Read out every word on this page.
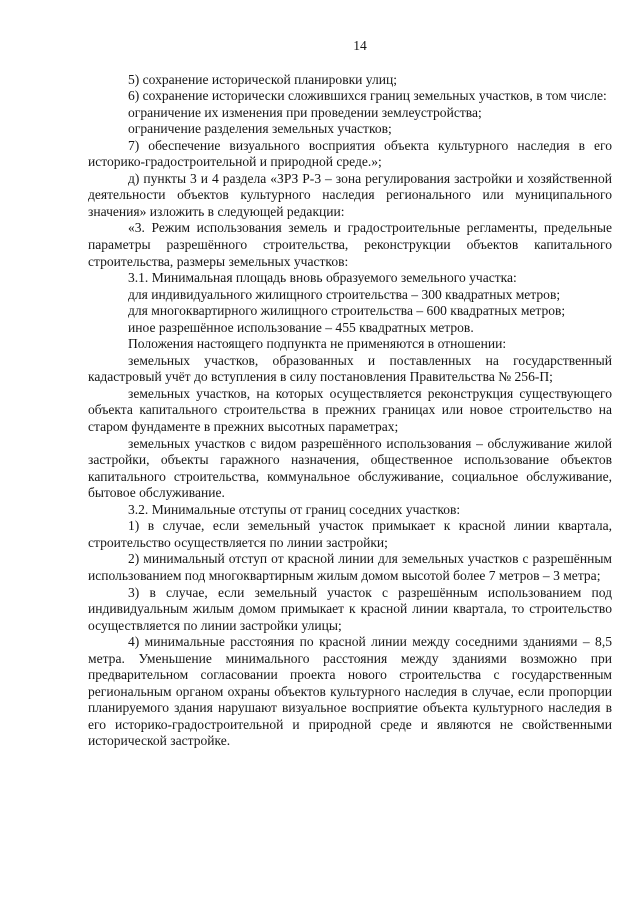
14

5) сохранение исторической планировки улиц;

6) сохранение исторически сложившихся границ земельных участков, в том числе:

ограничение их изменения при проведении землеустройства;

ограничение разделения земельных участков;

7) обеспечение визуального восприятия объекта культурного наследия в его историко-градостроительной и природной среде.»;

д) пункты 3 и 4 раздела «ЗРЗ Р-3 – зона регулирования застройки и хозяйственной деятельности объектов культурного наследия регионального или муниципального значения» изложить в следующей редакции:

«3. Режим использования земель и градостроительные регламенты, предельные параметры разрешённого строительства, реконструкции объектов капитального строительства, размеры земельных участков:

3.1. Минимальная площадь вновь образуемого земельного участка:

для индивидуального жилищного строительства – 300 квадратных метров;

для многоквартирного жилищного строительства – 600 квадратных метров;

иное разрешённое использование – 455 квадратных метров.

Положения настоящего подпункта не применяются в отношении:

земельных участков, образованных и поставленных на государственный кадастровый учёт до вступления в силу постановления Правительства № 256-П;

земельных участков, на которых осуществляется реконструкция существующего объекта капитального строительства в прежних границах или новое строительство на старом фундаменте в прежних высотных параметрах;

земельных участков с видом разрешённого использования – обслуживание жилой застройки, объекты гаражного назначения, общественное использование объектов капитального строительства, коммунальное обслуживание, социальное обслуживание, бытовое обслуживание.

3.2. Минимальные отступы от границ соседних участков:

1) в случае, если земельный участок примыкает к красной линии квартала, строительство осуществляется по линии застройки;

2) минимальный отступ от красной линии для земельных участков с разрешённым использованием под многоквартирным жилым домом высотой более 7 метров – 3 метра;

3) в случае, если земельный участок с разрешённым использованием под индивидуальным жилым домом примыкает к красной линии квартала, то строительство осуществляется по линии застройки улицы;

4) минимальные расстояния по красной линии между соседними зданиями – 8,5 метра. Уменьшение минимального расстояния между зданиями возможно при предварительном согласовании проекта нового строительства с государственным региональным органом охраны объектов культурного наследия в случае, если пропорции планируемого здания нарушают визуальное восприятие объекта культурного наследия в его историко-градостроительной и природной среде и являются не свойственными исторической застройке.
